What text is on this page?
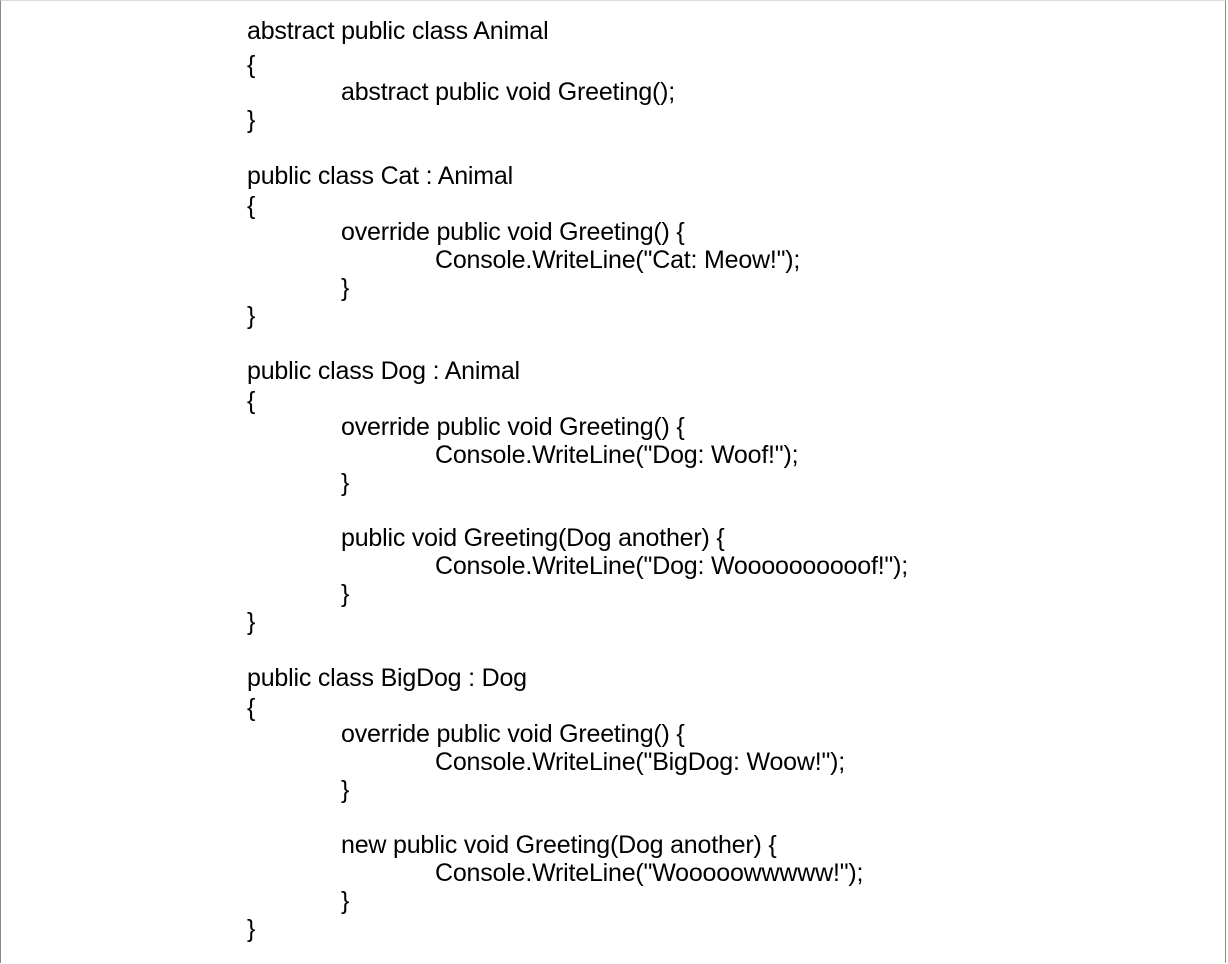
abstract public class Animal
{
abstract public void Greeting();
}
public class Cat : Animal
{
override public void Greeting() {
Console.WriteLine("Cat: Meow!");
}
}
public class Dog : Animal
{
override public void Greeting() {
Console.WriteLine("Dog: Woof!");
}
public void Greeting(Dog another) {
Console.WriteLine("Dog: Woooooooooof!");
}
}
public class BigDog : Dog
{
override public void Greeting() {
Console.WriteLine("BigDog: Woow!");
}
new public void Greeting(Dog another) {
Console.WriteLine("Wooooowwwww!");
}
}
